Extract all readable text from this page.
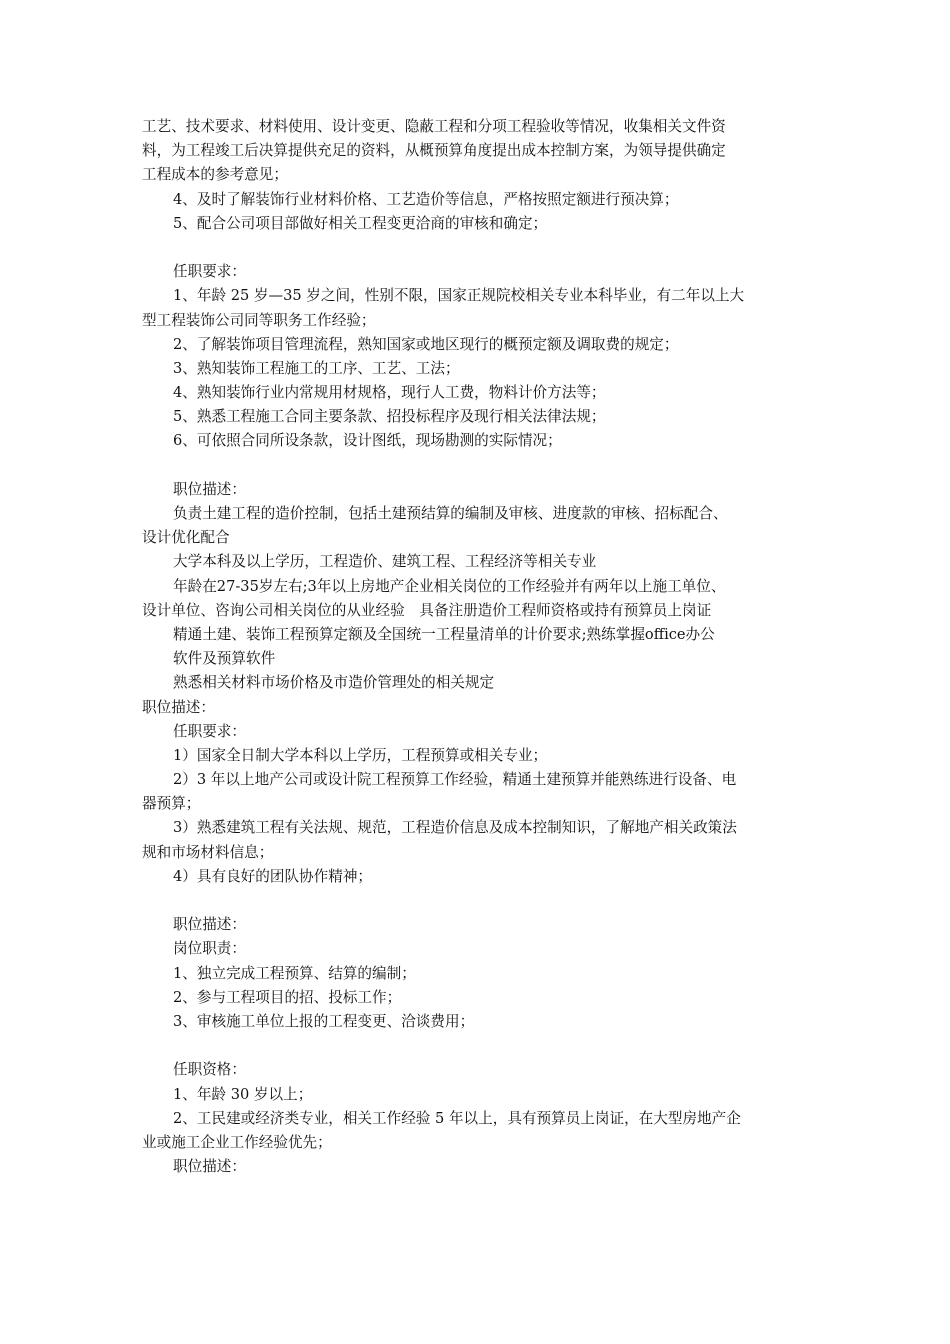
工艺、技术要求、材料使用、设计变更、隐蔽工程和分项工程验收等情况，收集相关文件资
料，为工程竣工后决算提供充足的资料，从概预算角度提出成本控制方案，为领导提供确定
工程成本的参考意见；
4、及时了解装饰行业材料价格、工艺造价等信息，严格按照定额进行预决算；
5、配合公司项目部做好相关工程变更洽商的审核和确定；
任职要求：
1、年龄 25 岁—35 岁之间，性别不限，国家正规院校相关专业本科毕业，有二年以上大
型工程装饰公司同等职务工作经验；
2、了解装饰项目管理流程，熟知国家或地区现行的概预定额及调取费的规定；
3、熟知装饰工程施工的工序、工艺、工法；
4、熟知装饰行业内常规用材规格，现行人工费，物料计价方法等；
5、熟悉工程施工合同主要条款、招投标程序及现行相关法律法规；
6、可依照合同所设条款，设计图纸，现场勘测的实际情况；
职位描述：
负责土建工程的造价控制，包括土建预结算的编制及审核、进度款的审核、招标配合、
设计优化配合
大学本科及以上学历，工程造价、建筑工程、工程经济等相关专业
年龄在27-35岁左右;3年以上房地产企业相关岗位的工作经验并有两年以上施工单位、
设计单位、咨询公司相关岗位的从业经验　具备注册造价工程师资格或持有预算员上岗证
精通土建、装饰工程预算定额及全国统一工程量清单的计价要求;熟练掌握office办公
软件及预算软件
熟悉相关材料市场价格及市造价管理处的相关规定
职位描述：
任职要求：
1）国家全日制大学本科以上学历，工程预算或相关专业；
2）3 年以上地产公司或设计院工程预算工作经验，精通土建预算并能熟练进行设备、电
器预算；
3）熟悉建筑工程有关法规、规范，工程造价信息及成本控制知识，了解地产相关政策法
规和市场材料信息；
4）具有良好的团队协作精神；
职位描述：
岗位职责：
1、独立完成工程预算、结算的编制；
2、参与工程项目的招、投标工作；
3、审核施工单位上报的工程变更、洽谈费用；
任职资格：
1、年龄 30 岁以上；
2、工民建或经济类专业，相关工作经验 5 年以上，具有预算员上岗证，在大型房地产企
业或施工企业工作经验优先；
职位描述：
